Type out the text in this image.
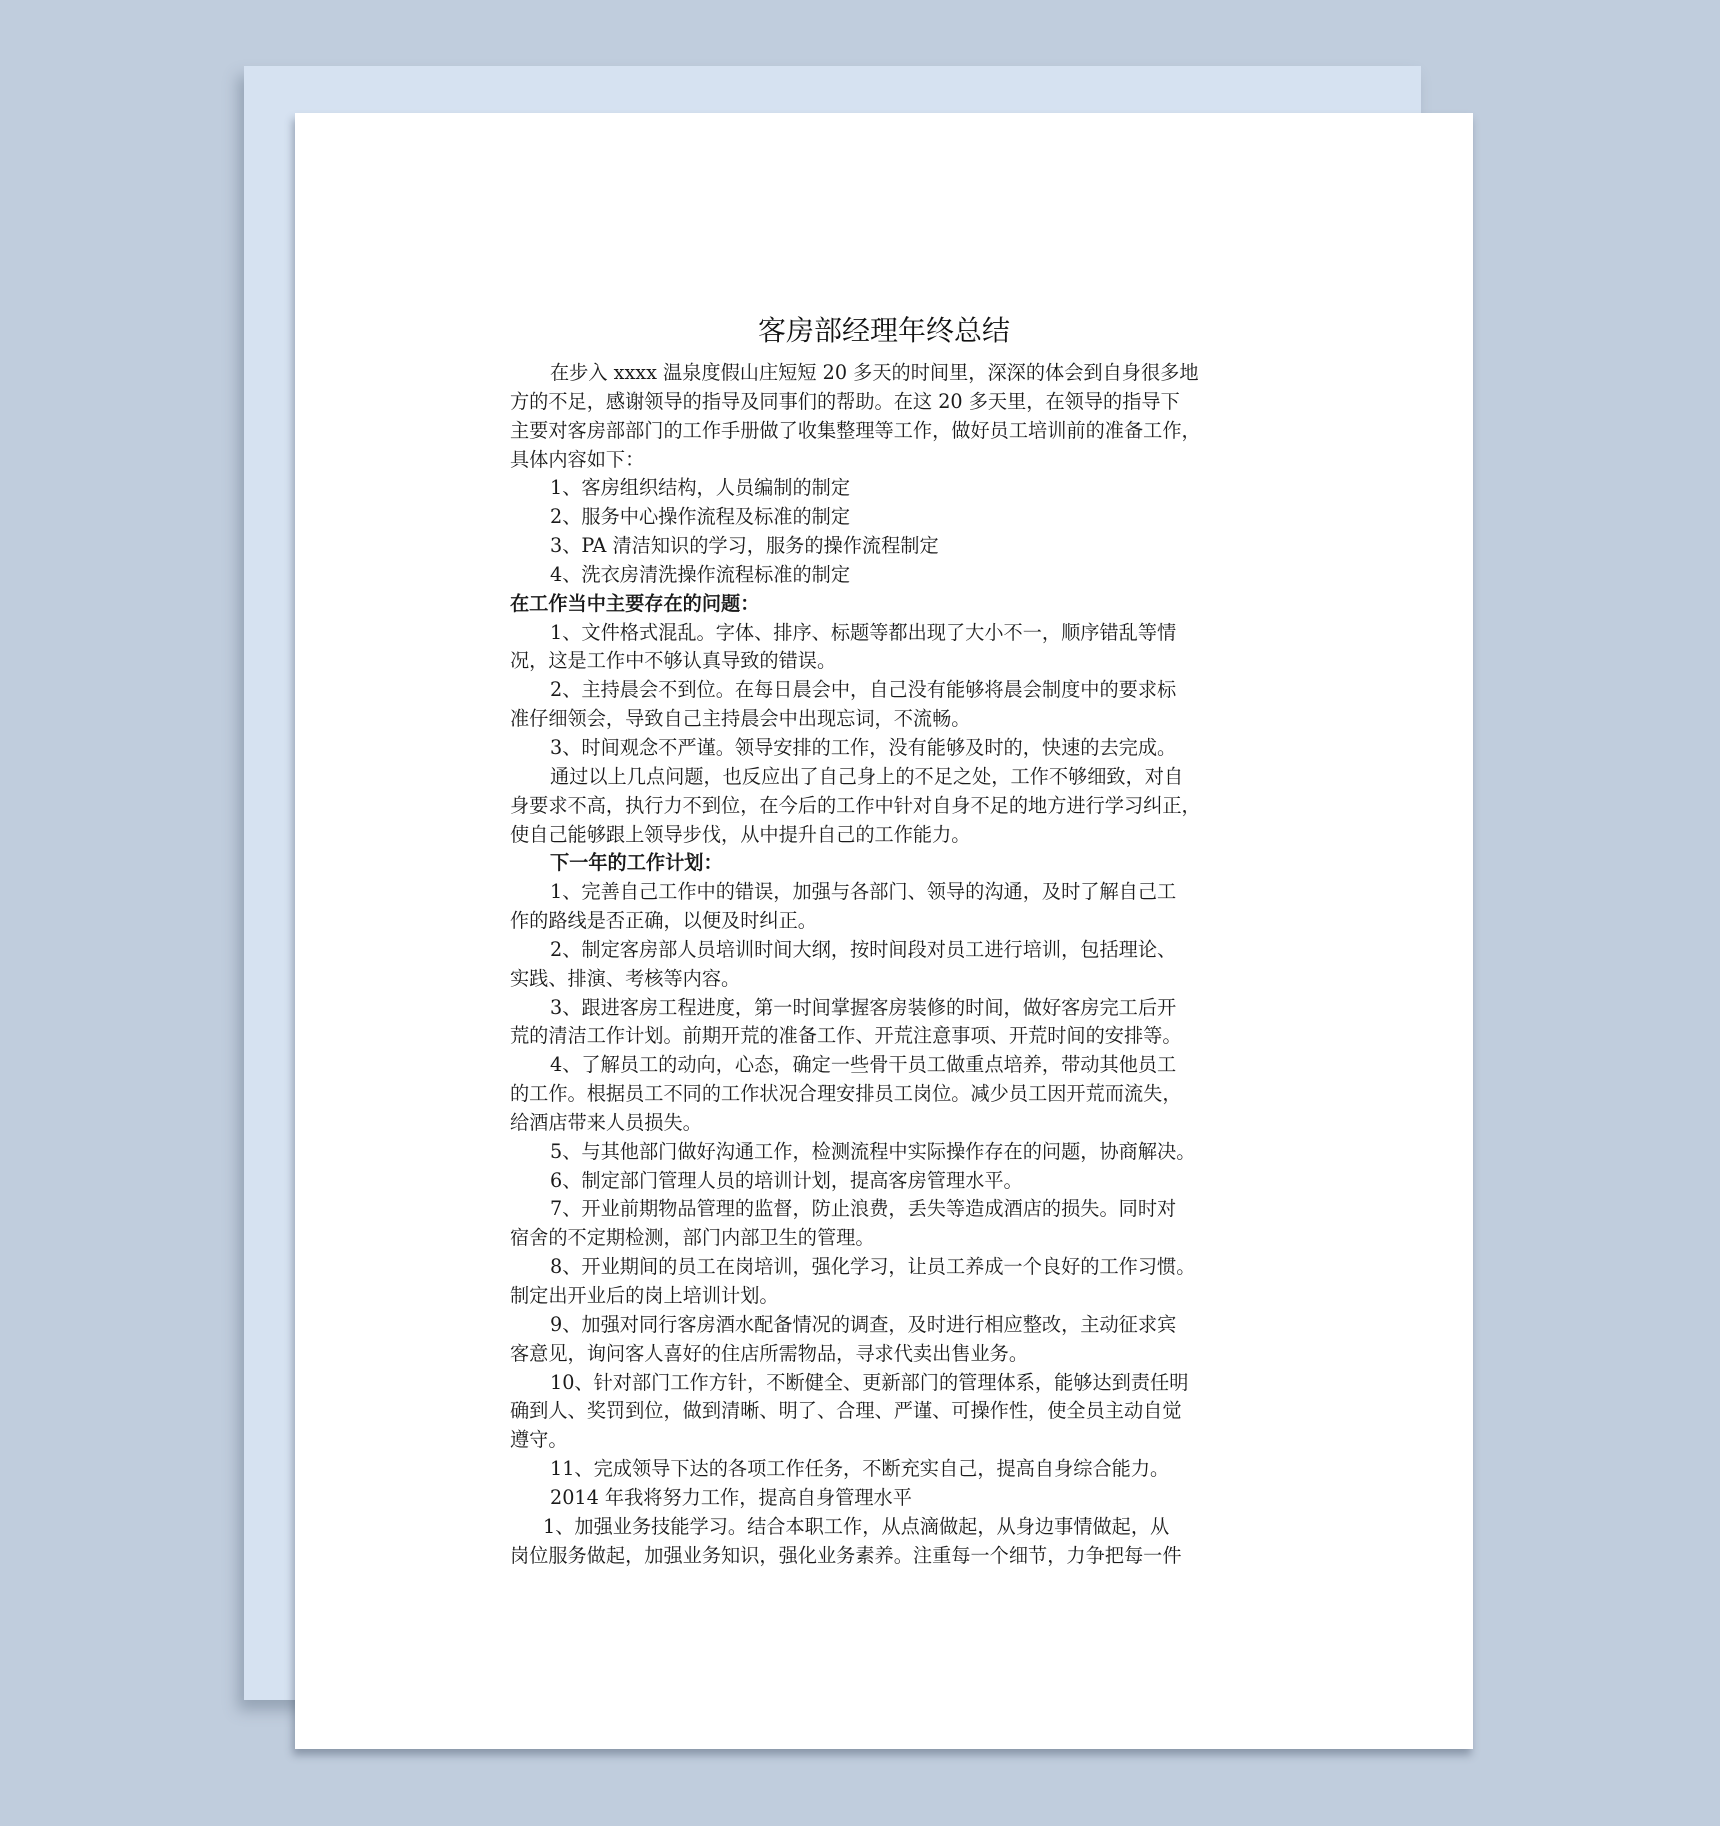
客房部经理年终总结
在步入 xxxx 温泉度假山庄短短 20 多天的时间里，深深的体会到自身很多地
方的不足，感谢领导的指导及同事们的帮助。在这 20 多天里，在领导的指导下
主要对客房部部门的工作手册做了收集整理等工作，做好员工培训前的准备工作，
具体内容如下：
1、客房组织结构，人员编制的制定
2、服务中心操作流程及标准的制定
3、PA 清洁知识的学习，服务的操作流程制定
4、洗衣房清洗操作流程标准的制定
在工作当中主要存在的问题：
1、文件格式混乱。字体、排序、标题等都出现了大小不一，顺序错乱等情
况，这是工作中不够认真导致的错误。
2、主持晨会不到位。在每日晨会中，自己没有能够将晨会制度中的要求标
准仔细领会，导致自己主持晨会中出现忘词，不流畅。
3、时间观念不严谨。领导安排的工作，没有能够及时的，快速的去完成。
通过以上几点问题，也反应出了自己身上的不足之处，工作不够细致，对自
身要求不高，执行力不到位，在今后的工作中针对自身不足的地方进行学习纠正，
使自己能够跟上领导步伐，从中提升自己的工作能力。
下一年的工作计划：
1、完善自己工作中的错误，加强与各部门、领导的沟通，及时了解自己工
作的路线是否正确，以便及时纠正。
2、制定客房部人员培训时间大纲，按时间段对员工进行培训，包括理论、
实践、排演、考核等内容。
3、跟进客房工程进度，第一时间掌握客房装修的时间，做好客房完工后开
荒的清洁工作计划。前期开荒的准备工作、开荒注意事项、开荒时间的安排等。
4、了解员工的动向，心态，确定一些骨干员工做重点培养，带动其他员工
的工作。根据员工不同的工作状况合理安排员工岗位。减少员工因开荒而流失，
给酒店带来人员损失。
5、与其他部门做好沟通工作，检测流程中实际操作存在的问题，协商解决。
6、制定部门管理人员的培训计划，提高客房管理水平。
7、开业前期物品管理的监督，防止浪费，丢失等造成酒店的损失。同时对
宿舍的不定期检测，部门内部卫生的管理。
8、开业期间的员工在岗培训，强化学习，让员工养成一个良好的工作习惯。
制定出开业后的岗上培训计划。
9、加强对同行客房酒水配备情况的调查，及时进行相应整改，主动征求宾
客意见，询问客人喜好的住店所需物品，寻求代卖出售业务。
10、针对部门工作方针，不断健全、更新部门的管理体系，能够达到责任明
确到人、奖罚到位，做到清晰、明了、合理、严谨、可操作性，使全员主动自觉
遵守。
11、完成领导下达的各项工作任务，不断充实自己，提高自身综合能力。
2014 年我将努力工作，提高自身管理水平
1、加强业务技能学习。结合本职工作，从点滴做起，从身边事情做起，从
岗位服务做起，加强业务知识，强化业务素养。注重每一个细节，力争把每一件
